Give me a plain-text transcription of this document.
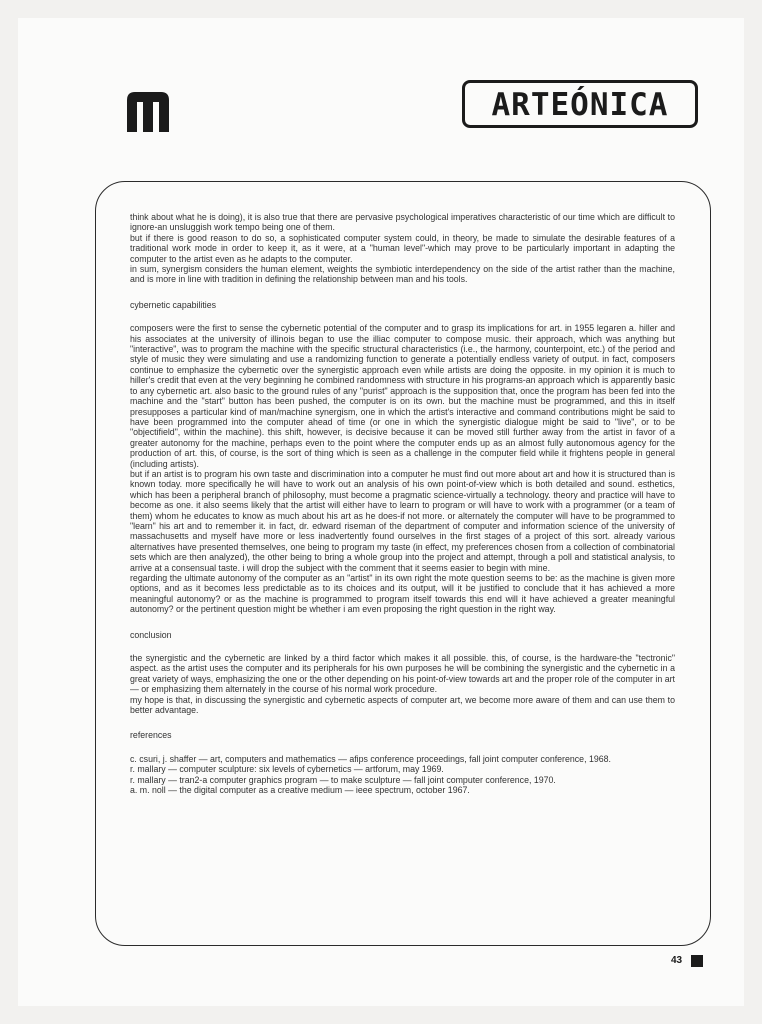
ARTEÓNICA

think about what he is doing), it is also true that there are pervasive psychological imperatives characteristic of our time which are difficult to ignore-an unsluggish work tempo being one of them.

but if there is good reason to do so, a sophisticated computer system could, in theory, be made to simulate the desirable features of a traditional work mode in order to keep it, as it were, at a "human level"-which may prove to be particularly important in adapting the computer to the artist even as he adapts to the computer.

in sum, synergism considers the human element, weights the symbiotic interdependency on the side of the artist rather than the machine, and is more in line with tradition in defining the relationship between man and his tools.

cybernetic capabilities

composers were the first to sense the cybernetic potential of the computer and to grasp its implications for art. in 1955 legaren a. hiller and his associates at the university of illinois began to use the illiac computer to compose music. their approach, which was anything but "interactive", was to program the machine with the specific structural characteristics (i.e., the harmony, counterpoint, etc.) of the period and style of music they were simulating and use a randomizing function to generate a potentially endless variety of output. in fact, composers continue to emphasize the cybernetic over the synergistic approach even while artists are doing the opposite. in my opinion it is much to hiller's credit that even at the very beginning he combined randomness with structure in his programs-an approach which is apparently basic to any cybernetic art. also basic to the ground rules of any "purist" approach is the supposition that, once the program has been fed into the machine and the "start" button has been pushed, the computer is on its own. but the machine must be programmed, and this in itself presupposes a particular kind of man/machine synergism, one in which the artist's interactive and command contributions might be said to have been programmed into the computer ahead of time (or one in which the synergistic dialogue might be said to "live", or to be "objectifield", within the machine). this shift, however, is decisive because it can be moved still further away from the artist in favor of a greater autonomy for the machine, perhaps even to the point where the computer ends up as an almost fully autonomous agency for the production of art. this, of course, is the sort of thing which is seen as a challenge in the computer field while it frightens people in general (including artists).

but if an artist is to program his own taste and discrimination into a computer he must find out more about art and how it is structured than is known today. more specifically he will have to work out an analysis of his own point-of-view which is both detailed and sound. esthetics, which has been a peripheral branch of philosophy, must become a pragmatic science-virtually a technology. theory and practice will have to become as one. it also seems likely that the artist will either have to learn to program or will have to work with a programmer (or a team of them) whom he educates to know as much about his art as he does-if not more. or alternately the computer will have to be programmed to "learn" his art and to remember it. in fact, dr. edward riseman of the department of computer and information science of the university of massachusetts and myself have more or less inadvertently found ourselves in the first stages of a project of this sort. already various alternatives have presented themselves, one being to program my taste (in effect, my preferences chosen from a collection of combinatorial sets which are then analyzed), the other being to bring a whole group into the project and attempt, through a poll and statistical analysis, to arrive at a consensual taste. i will drop the subject with the comment that it seems easier to begin with mine.

regarding the ultimate autonomy of the computer as an "artist" in its own right the mote question seems to be: as the machine is given more options, and as it becomes less predictable as to its choices and its output, will it be justified to conclude that it has achieved a more meaningful autonomy? or as the machine is programmed to program itself towards this end will it have achieved a greater meaningful autonomy? or the pertinent question might be whether i am even proposing the right question in the right way.

conclusion

the synergistic and the cybernetic are linked by a third factor which makes it all possible. this, of course, is the hardware-the "tectronic" aspect. as the artist uses the computer and its peripherals for his own purposes he will be combining the synergistic and the cybernetic in a great variety of ways, emphasizing the one or the other depending on his point-of-view towards art and the proper role of the computer in art — or emphasizing them alternately in the course of his normal work procedure.

my hope is that, in discussing the synergistic and cybernetic aspects of computer art, we become more aware of them and can use them to better advantage.

references

c. csuri, j. shaffer — art, computers and mathematics — afips conference proceedings, fall joint computer conference, 1968.

r. mallary — computer sculpture: six levels of cybernetics — artforum, may 1969.

r. mallary — tran2-a computer graphics program — to make sculpture — fall joint computer conference, 1970.

a. m. noll — the digital computer as a creative medium — ieee spectrum, october 1967.

43
